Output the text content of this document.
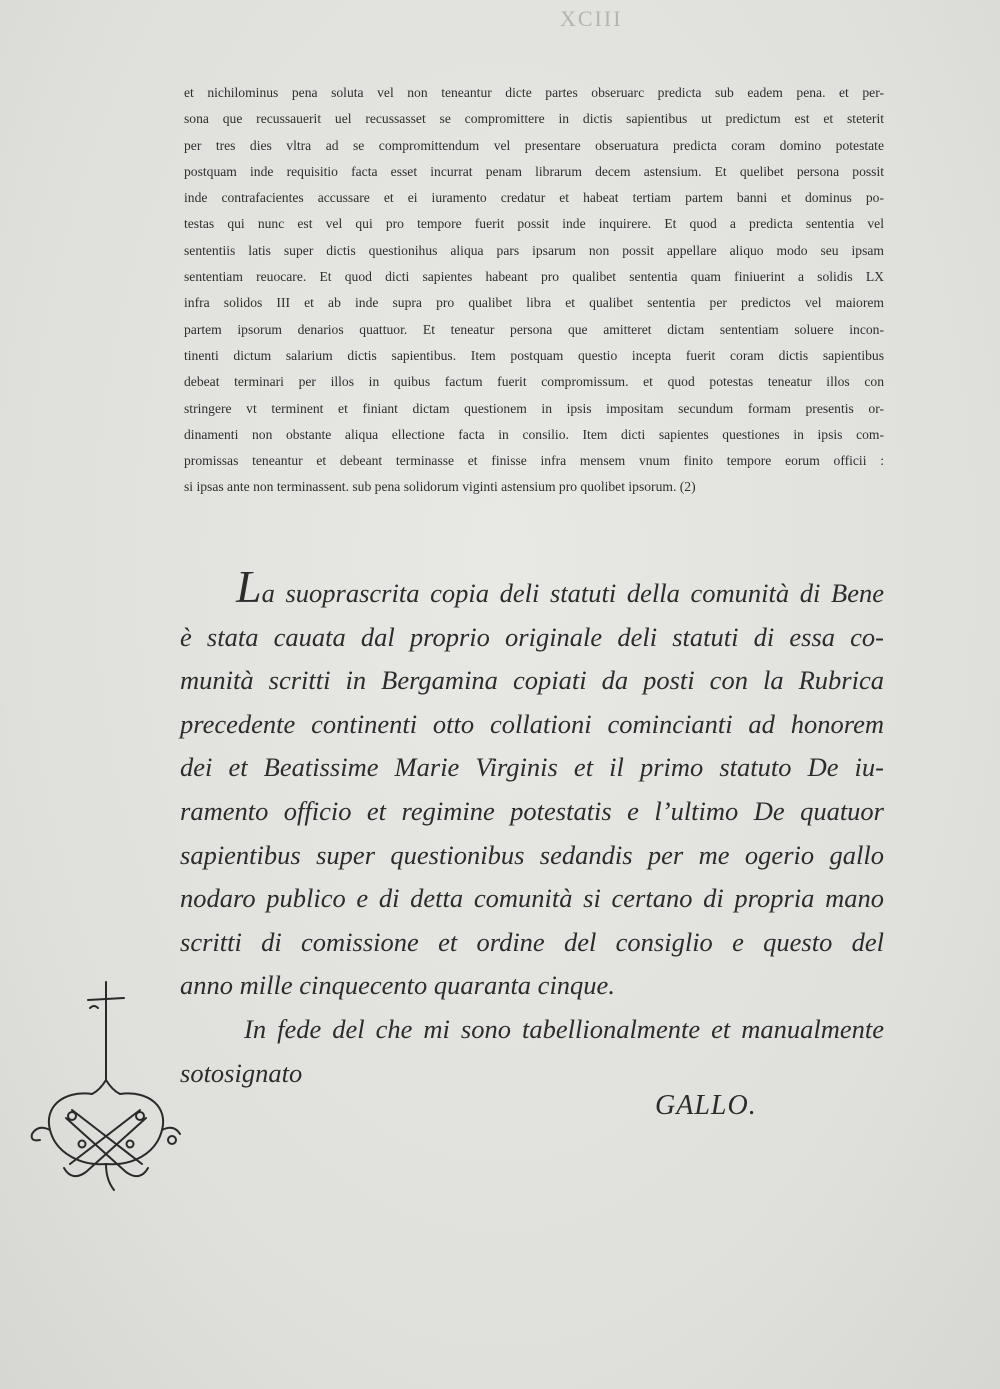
XCIII
et nichilominus pena soluta vel non teneantur dicte partes obseruarc predicta sub eadem pena. et per-
sona que recussauerit uel recussasset se compromittere in dictis sapientibus ut predictum est et steterit
per tres dies vltra ad se compromittendum vel presentare obseruatura predicta coram domino potestate
postquam inde requisitio facta esset incurrat penam librarum decem astensium. Et quelibet persona possit
inde contrafacientes accussare et ei iuramento credatur et habeat tertiam partem banni et dominus po-
testas qui nunc est vel qui pro tempore fuerit possit inde inquirere. Et quod a predicta sententia vel
sententiis latis super dictis questionihus aliqua pars ipsarum non possit appellare aliquo modo seu ipsam
sententiam reuocare. Et quod dicti sapientes habeant pro qualibet sententia quam finiuerint a solidis LX
infra solidos III et ab inde supra pro qualibet libra et qualibet sententia per predictos vel maiorem
partem ipsorum denarios quattuor. Et teneatur persona que amitteret dictam sententiam soluere incon-
tinenti dictum salarium dictis sapientibus. Item postquam questio incepta fuerit coram dictis sapientibus
debeat terminari per illos in quibus factum fuerit compromissum. et quod potestas teneatur illos con
stringere vt terminent et finiant dictam questionem in ipsis impositam secundum formam presentis or-
dinamenti non obstante aliqua ellectione facta in consilio. Item dicti sapientes questiones in ipsis com-
promissas teneantur et debeant terminasse et finisse infra mensem vnum finito tempore eorum officii :
si ipsas ante non terminassent. sub pena solidorum viginti astensium pro quolibet ipsorum. (2)
La suoprascrita copia deli statuti della comunità di Bene
è stata cauata dal proprio originale deli statuti di essa co-
munità scritti in Bergamina copiati da posti con la Rubrica
precedente continenti otto collationi comincianti ad honorem
dei et Beatissime Marie Virginis et il primo statuto De iu-
ramento officio et regimine potestatis e l’ultimo De quatuor
sapientibus super questionibus sedandis per me ogerio gallo
nodaro publico e di detta comunità si certano di propria mano
scritti di comissione et ordine del consiglio e questo del
anno mille cinquecento quaranta cinque.
In fede del che mi sono tabellionalmente et manualmente
sotosignato
GALLO.
